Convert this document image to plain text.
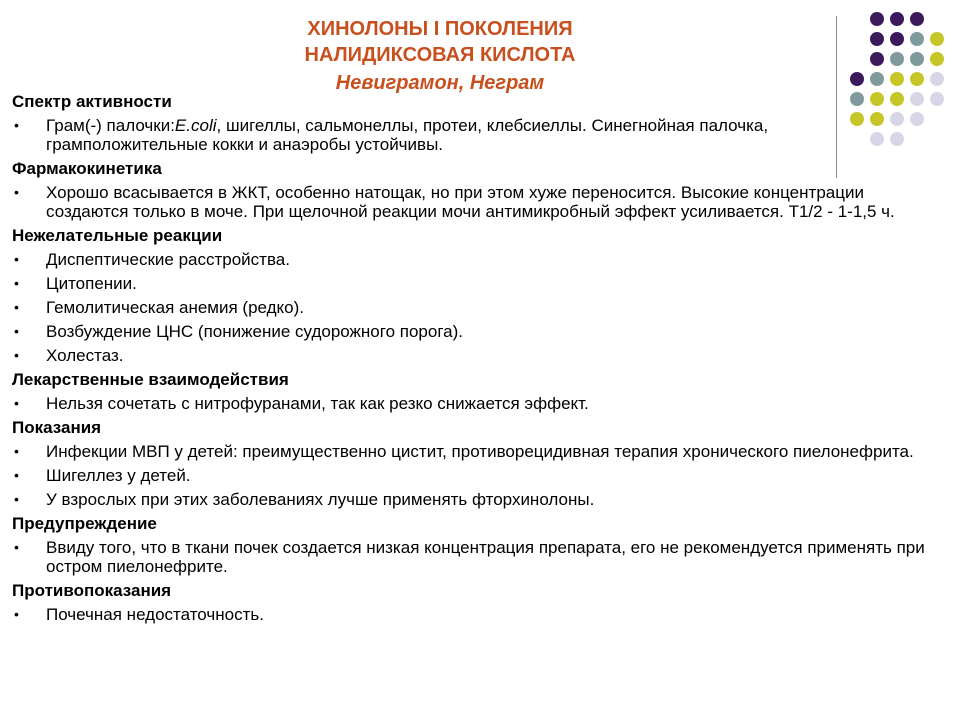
ХИНОЛОНЫ I ПОКОЛЕНИЯ
НАЛИДИКСОВАЯ КИСЛОТА
Невиграмон, Неграм
Спектр активности
• Грам(-) палочки:E.coli, шигеллы, сальмонеллы, протеи, клебсиеллы. Синегнойная палочка, грамположительные кокки и анаэробы устойчивы.
Фармакокинетика
• Хорошо всасывается в ЖКТ, особенно натощак, но при этом хуже переносится. Высокие концентрации создаются только в моче. При щелочной реакции мочи антимикробный эффект усиливается. Т1/2 - 1-1,5 ч.
Нежелательные реакции
• Диспептические расстройства.
• Цитопении.
• Гемолитическая анемия (редко).
• Возбуждение ЦНС (понижение судорожного порога).
• Холестаз.
Лекарственные взаимодействия
• Нельзя сочетать с нитрофуранами, так как резко снижается эффект.
Показания
• Инфекции МВП у детей: преимущественно цистит, противорецидивная терапия хронического пиелонефрита.
• Шигеллез у детей.
• У взрослых при этих заболеваниях лучше применять фторхинолоны.
Предупреждение
• Ввиду того, что в ткани почек создается низкая концентрация препарата, его не рекомендуется применять при остром пиелонефрите.
Противопоказания
• Почечная недостаточность.
